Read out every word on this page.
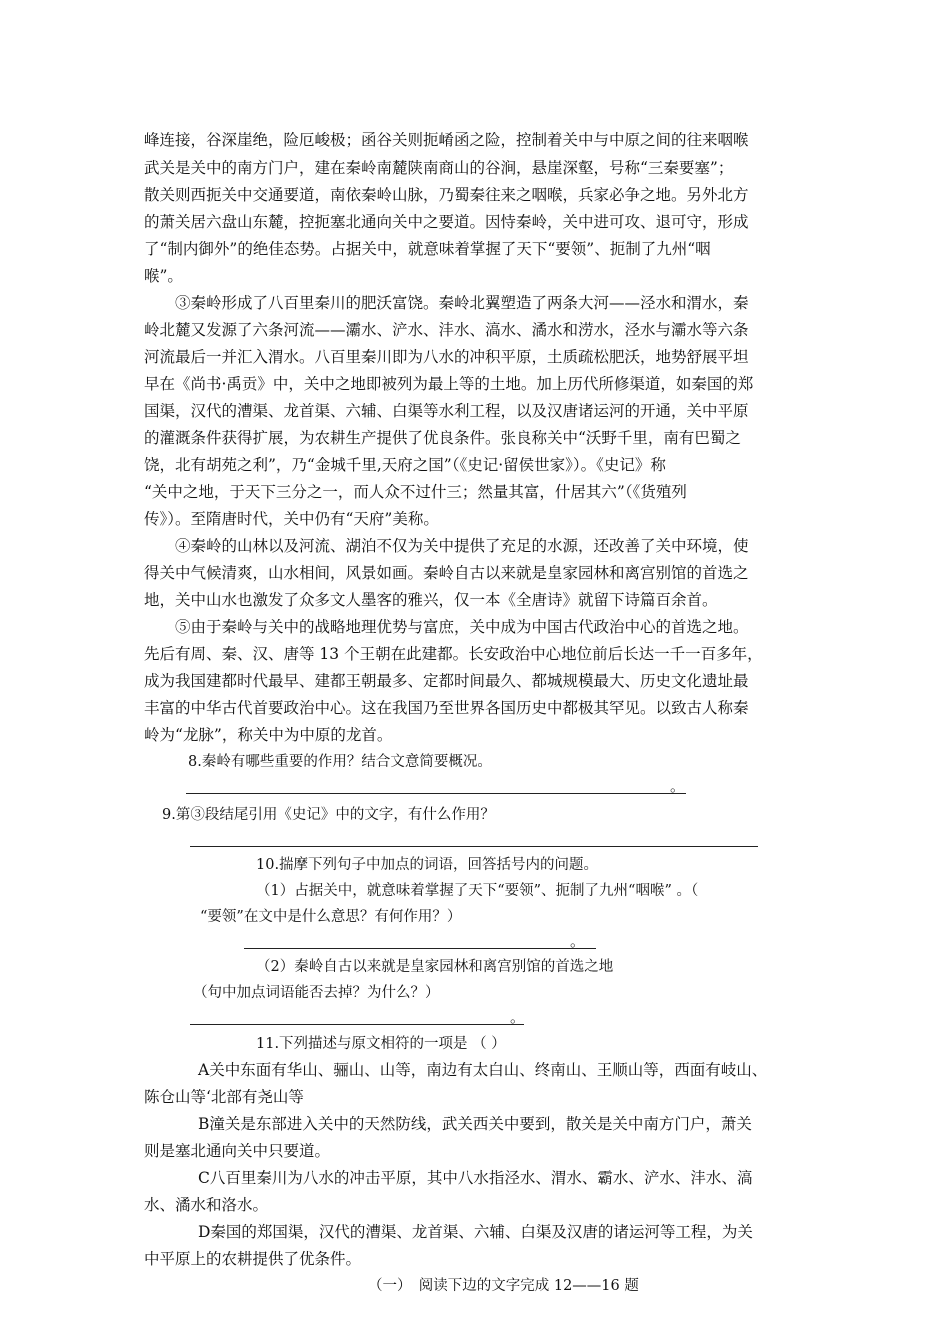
峰连接，谷深崖绝，险厄峻极；函谷关则扼崤函之险，控制着关中与中原之间的往来咽喉
武关是关中的南方门户，建在秦岭南麓陕南商山的谷涧，悬崖深壑，号称“三秦要塞”；
散关则西扼关中交通要道，南依秦岭山脉，乃蜀秦往来之咽喉，兵家必争之地。另外北方
的萧关居六盘山东麓，控扼塞北通向关中之要道。因恃秦岭，关中进可攻、退可守，形成
了“制内御外”的绝佳态势。占据关中，就意味着掌握了天下“要领”、扼制了九州“咽
喉”。
③秦岭形成了八百里秦川的肥沃富饶。秦岭北翼塑造了两条大河——泾水和渭水，秦
岭北麓又发源了六条河流——灞水、浐水、沣水、滈水、潏水和涝水，泾水与灞水等六条
河流最后一并汇入渭水。八百里秦川即为八水的冲积平原，土质疏松肥沃，地势舒展平坦
早在《尚书·禹贡》中，关中之地即被列为最上等的土地。加上历代所修渠道，如秦国的郑
国渠，汉代的漕渠、龙首渠、六辅、白渠等水利工程，以及汉唐诸运河的开通，关中平原
的灌溉条件获得扩展，为农耕生产提供了优良条件。张良称关中“沃野千里，南有巴蜀之
饶，北有胡苑之利”，乃“金城千里,天府之国”（《史记·留侯世家》）。《史记》称
“关中之地，于天下三分之一，而人众不过什三；然量其富，什居其六”（《货殖列
传》）。至隋唐时代，关中仍有“天府”美称。
④秦岭的山林以及河流、湖泊不仅为关中提供了充足的水源，还改善了关中环境，使
得关中气候清爽，山水相间，风景如画。秦岭自古以来就是皇家园林和离宫别馆的首选之
地，关中山水也激发了众多文人墨客的雅兴，仅一本《全唐诗》就留下诗篇百余首。
⑤由于秦岭与关中的战略地理优势与富庶，关中成为中国古代政治中心的首选之地。
先后有周、秦、汉、唐等 13 个王朝在此建都。长安政治中心地位前后长达一千一百多年，
成为我国建都时代最早、建都王朝最多、定都时间最久、都城规模最大、历史文化遗址最
丰富的中华古代首要政治中心。这在我国乃至世界各国历史中都极其罕见。以致古人称秦
岭为“龙脉”，称关中为中原的龙首。
8.秦岭有哪些重要的作用？结合文意简要概况。
。
9.第③段结尾引用《史记》中的文字，有什么作用？
10.揣摩下列句子中加点的词语，回答括号内的问题。
（1）占据关中，就意味着掌握了天下“要领”、扼制了九州“咽喉” 。（
“要领”在文中是什么意思？有何作用？）
。
（2）秦岭自古以来就是皇家园林和离宫别馆的首选之地
（句中加点词语能否去掉？为什么？）
。
11.下列描述与原文相符的一项是 （ ）
A关中东面有华山、骊山、山等，南边有太白山、终南山、王顺山等，西面有岐山、
陈仓山等‘北部有尧山等
B潼关是东部进入关中的天然防线，武关西关中要到，散关是关中南方门户，萧关
则是塞北通向关中只要道。
C八百里秦川为八水的冲击平原，其中八水指泾水、渭水、霸水、浐水、沣水、滈
水、潏水和洛水。
D秦国的郑国渠，汉代的漕渠、龙首渠、六辅、白渠及汉唐的诸运河等工程，为关
中平原上的农耕提供了优条件。
（一）　阅读下边的文字完成 12——16 题
